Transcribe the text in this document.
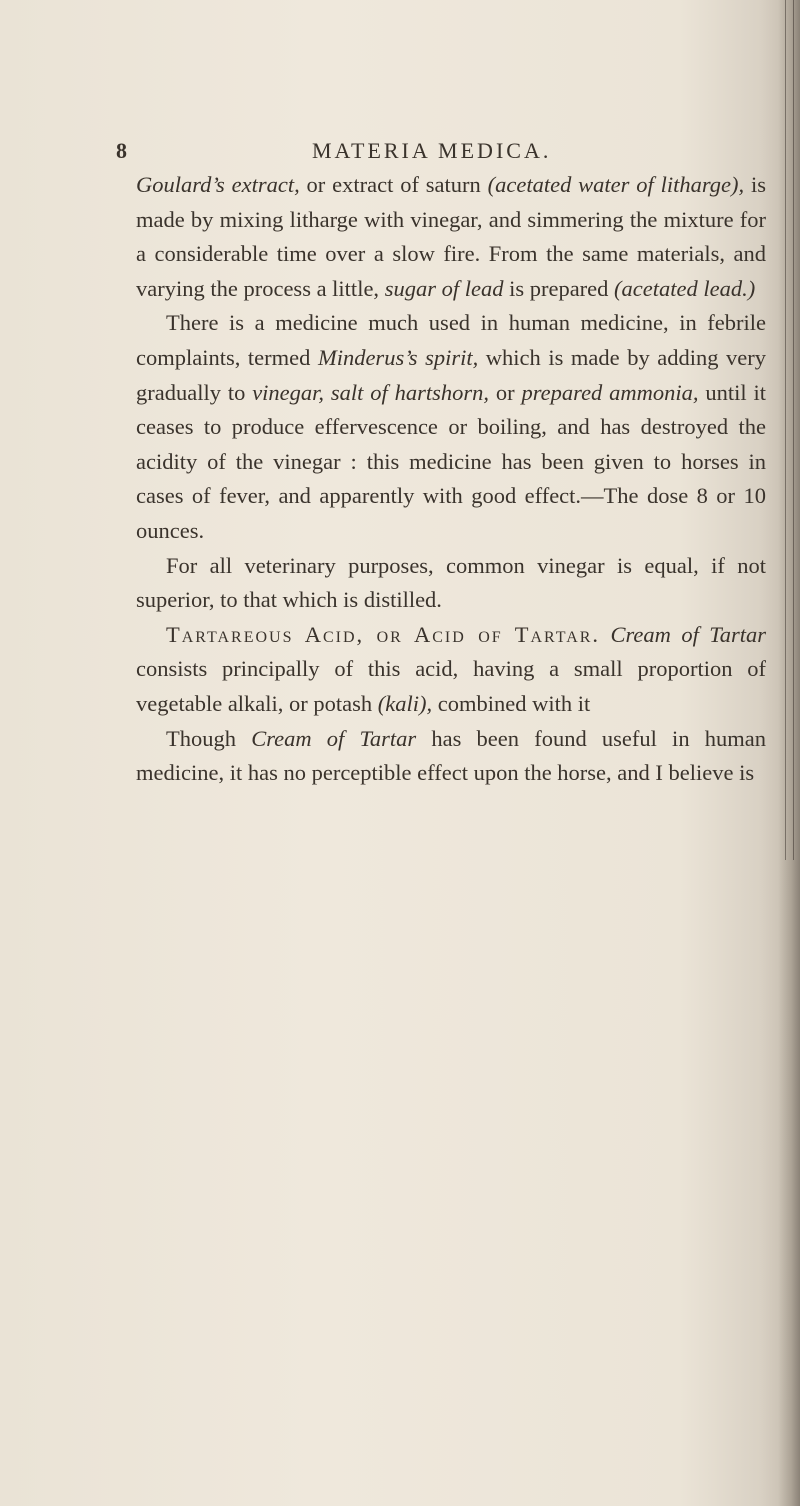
8	MATERIA MEDICA.

Goulard’s extract, or extract of saturn (acetated water of litharge), is made by mixing litharge with vinegar, and simmering the mixture for a considerable time over a slow fire. From the same materials, and varying the process a little, sugar of lead is prepared (acetated lead.)

There is a medicine much used in human medicine, in febrile complaints, termed Minderus’s spirit, which is made by adding very gradually to vinegar, salt of hartshorn, or prepared ammonia, until it ceases to produce effervescence or boiling, and has destroyed the acidity of the vinegar : this medicine has been given to horses in cases of fever, and apparently with good effect.—The dose 8 or 10 ounces.

For all veterinary purposes, common vinegar is equal, if not superior, to that which is distilled.

Tartareous Acid, or Acid of Tartar. Cream of Tartar consists principally of this acid, having a small proportion of vegetable alkali, or potash (kali), combined with it

Though Cream of Tartar has been found useful in human medicine, it has no perceptible effect upon the horse, and I believe is
